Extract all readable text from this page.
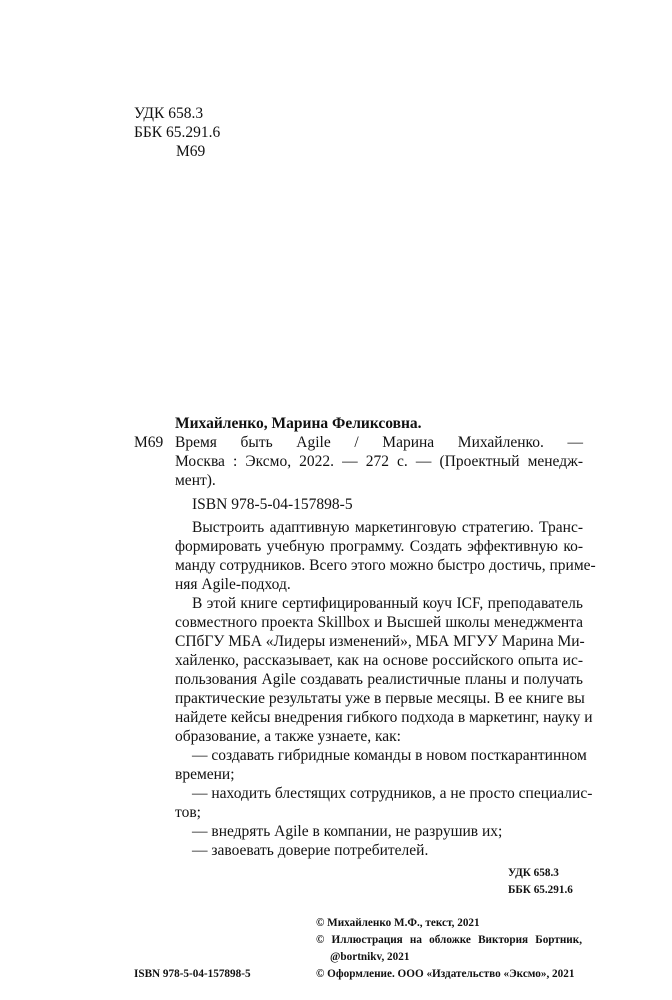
УДК 658.3
ББК 65.291.6
М69
Михайленко, Марина Феликсовна.
М69 Время быть Agile / Марина Михайленко. —
Москва : Эксмо, 2022. — 272 с. — (Проектный менедж-
мент).
ISBN 978-5-04-157898-5
Выстроить адаптивную маркетинговую стратегию. Транс-
формировать учебную программу. Создать эффективную ко-
манду сотрудников. Всего этого можно быстро достичь, приме-
няя Agile-подход.
В этой книге сертифицированный коуч ICF, преподаватель
совместного проекта Skillbox и Высшей школы менеджмента
СПбГУ МБА «Лидеры изменений», МБА МГУУ Марина Ми-
хайленко, рассказывает, как на основе российского опыта ис-
пользования Agile создавать реалистичные планы и получать
практические результаты уже в первые месяцы. В ее книге вы
найдете кейсы внедрения гибкого подхода в маркетинг, науку и
образование, а также узнаете, как:
— создавать гибридные команды в новом посткарантинном
времени;
— находить блестящих сотрудников, а не просто специалис-
тов;
— внедрять Agile в компании, не разрушив их;
— завоевать доверие потребителей.
УДК 658.3
ББК 65.291.6
© Михайленко М.Ф., текст, 2021
© Иллюстрация на обложке Виктория Бортник,
@bortnikv, 2021
ISBN 978-5-04-157898-5	© Оформление. ООО «Издательство «Эксмо», 2021
